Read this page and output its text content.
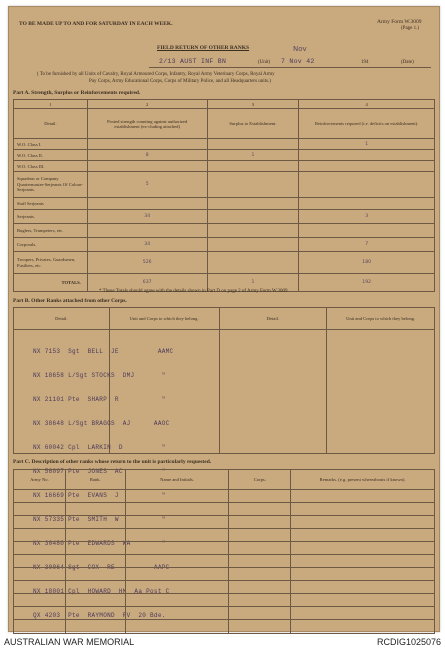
TO BE MADE UP TO AND FOR SATURDAY IN EACH WEEK.	Army Form W.3009
(Page 1.)
FIELD RETURN OF OTHER RANKS
2/13 AUST INF BN	(Unit)
Nov
7 Nov 42	194	(Date)
( To be furnished by all Units of Cavalry, Royal Armoured Corps, Infantry, Royal Army Veterinary Corps, Royal Army
Pay Corps, Army Educational Corps, Corps of Military Police, and all Headquarters units.)
Part A. Strength, Surplus or Reinforcements required.
1	2	3	4
Detail.	Posted strength counting against authorized establishment (ex-cluding attached)	Surplus to Establishment.	Reinforcements required (i.e. deficits on establishment).
W.O. Class I.			1
W.O. Class II.	8	1	
W.O. Class III.			
Squadron or Company Quartermaster-Serjeants Of Colour-Serjeants.	5		
Staff Serjeants			
Serjeants.	34		3
Buglers, Trumpeters, etc.			
Corporals.	34		7
Troopers, Privates, Guardsmen, Fusiliers, etc.	526		180
TOTALS.	637	1	192
* These Totals should agree with the details shown in Part D on page 2 of Army Form W.3009
Part B. Other Ranks attached from other Corps.
Detail.	Unit and Corps to which they belong.	Detail.	Unit and Corps to which they belong.

NX 7153  Sgt  BELL  JE          AAMC

NX 18658 L/Sgt STOCKS  DMJ       "

NX 21101 Pte  SHARP  R           "

NX 38648 L/Sgt BRAGGS  AJ      AAOC

NX 60042 Cpl  LARKIN  D          "

NX 56097 Pte  JONES  AC          "

NX 16669 Pte  EVANS  J           "

NX 57335 Pte  SMITH  W           "

NX 30480 Pte  EDWARDS  WA        "

NX 30064 Sgt  COX  RE          AAPC

NX 18001 Cpl  HOWARD  HM  Aa Post C

QX 4203  Pte  RAYMOND  RV  20 Bde.

Part C. Description of other ranks whose return to the unit is particularly requested.
Army No.	Rank.	Name and Initials.	Corps.	Remarks. (e.g. present whereabouts if known).

AUSTRALIAN WAR MEMORIAL	RCDIG1025076
